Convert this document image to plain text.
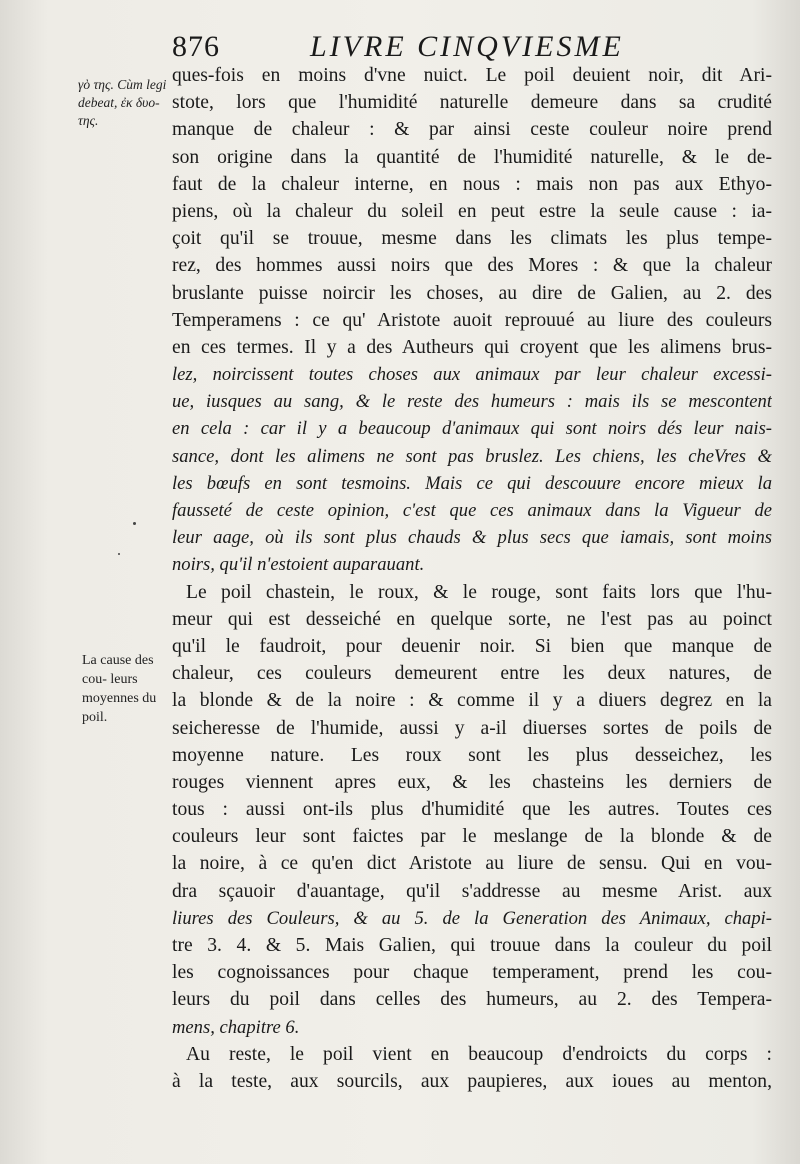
876	LIVRE CINQVIESME
γὸ της. Cùm legi debeat, ἐκ δυο- της.
La cause des cou- leurs moyennes du poil.
ques-fois en moins d'vne nuict. Le poil deuient noir, dit Ari-
stote, lors que l'humidité naturelle demeure dans sa crudité
manque de chaleur : & par ainsi ceste couleur noire prend
son origine dans la quantité de l'humidité naturelle, & le de-
faut de la chaleur interne, en nous : mais non pas aux Ethyo-
piens, où la chaleur du soleil en peut estre la seule cause : ia-
çoit qu'il se trouue, mesme dans les climats les plus tempe-
rez, des hommes aussi noirs que des Mores : & que la chaleur
bruslante puisse noircir les choses, au dire de Galien, au 2. des
Temperamens : ce qu' Aristote auoit reprouué au liure des couleurs
en ces termes. Il y a des Autheurs qui croyent que les alimens brus-
lez, noircissent toutes choses aux animaux par leur chaleur excessi-
ue, iusques au sang, & le reste des humeurs : mais ils se mescontent
en cela : car il y a beaucoup d'animaux qui sont noirs dés leur nais-
sance, dont les alimens ne sont pas bruslez. Les chiens, les cheVres &
les bœufs en sont tesmoins. Mais ce qui descouure encore mieux la
fausseté de ceste opinion, c'est que ces animaux dans la Vigueur de
leur aage, où ils sont plus chauds & plus secs que iamais, sont moins
noirs, qu'il n'estoient auparauant.
Le poil chastein, le roux, & le rouge, sont faits lors que l'hu-
meur qui est desseiché en quelque sorte, ne l'est pas au poinct
qu'il le faudroit, pour deuenir noir. Si bien que manque de
chaleur, ces couleurs demeurent entre les deux natures, de
la blonde & de la noire : & comme il y a diuers degrez en la
seicheresse de l'humide, aussi y a-il diuerses sortes de poils de
moyenne nature. Les roux sont les plus desseichez, les
rouges viennent apres eux, & les chasteins les derniers de
tous : aussi ont-ils plus d'humidité que les autres. Toutes ces
couleurs leur sont faictes par le meslange de la blonde & de
la noire, à ce qu'en dict Aristote au liure de sensu. Qui en vou-
dra sçauoir d'auantage, qu'il s'addresse au mesme Arist. aux
liures des Couleurs, & au 5. de la Generation des Animaux, chapi-
tre 3. 4. & 5. Mais Galien, qui trouue dans la couleur du poil
les cognoissances pour chaque temperament, prend les cou-
leurs du poil dans celles des humeurs, au 2. des Tempera-
mens, chapitre 6.
Au reste, le poil vient en beaucoup d'endroicts du corps :
à la teste, aux sourcils, aux paupieres, aux ioues au menton,
